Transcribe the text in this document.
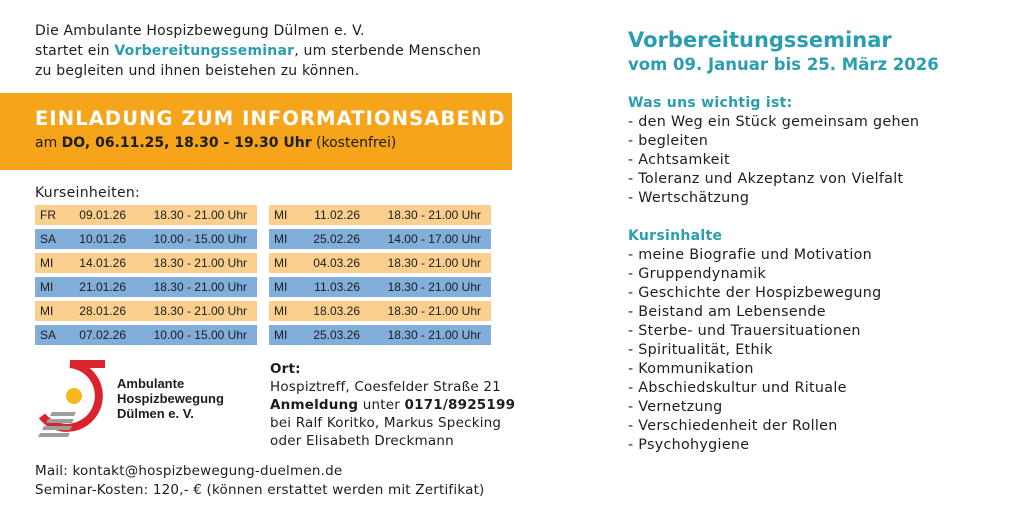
Die Ambulante Hospizbewegung Dülmen e. V.
startet ein Vorbereitungsseminar, um sterbende Menschen
zu begleiten und ihnen beistehen zu können.
EINLADUNG ZUM INFORMATIONSABEND
am DO, 06.11.25, 18.30 - 19.30 Uhr (kostenfrei)
Kurseinheiten:
FR 09.01.26 18.30 - 21.00 Uhr
SA 10.01.26 10.00 - 15.00 Uhr
MI 14.01.26 18.30 - 21.00 Uhr
MI 21.01.26 18.30 - 21.00 Uhr
MI 28.01.26 18.30 - 21.00 Uhr
SA 07.02.26 10.00 - 15.00 Uhr
MI 11.02.26 18.30 - 21.00 Uhr
MI 25.02.26 14.00 - 17.00 Uhr
MI 04.03.26 18.30 - 21.00 Uhr
MI 11.03.26 18.30 - 21.00 Uhr
MI 18.03.26 18.30 - 21.00 Uhr
MI 25.03.26 18.30 - 21.00 Uhr
Ambulante
Hospizbewegung
Dülmen e. V.
Ort:
Hospiztreff, Coesfelder Straße 21
Anmeldung unter 0171/8925199
bei Ralf Koritko, Markus Specking
oder Elisabeth Dreckmann
Mail: kontakt@hospizbewegung-duelmen.de
Seminar-Kosten: 120,- € (können erstattet werden mit Zertifikat)
Vorbereitungsseminar
vom 09. Januar bis 25. März 2026
Was uns wichtig ist:
- den Weg ein Stück gemeinsam gehen
- begleiten
- Achtsamkeit
- Toleranz und Akzeptanz von Vielfalt
- Wertschätzung
Kursinhalte
- meine Biografie und Motivation
- Gruppendynamik
- Geschichte der Hospizbewegung
- Beistand am Lebensende
- Sterbe- und Trauersituationen
- Spiritualität, Ethik
- Kommunikation
- Abschiedskultur und Rituale
- Vernetzung
- Verschiedenheit der Rollen
- Psychohygiene
